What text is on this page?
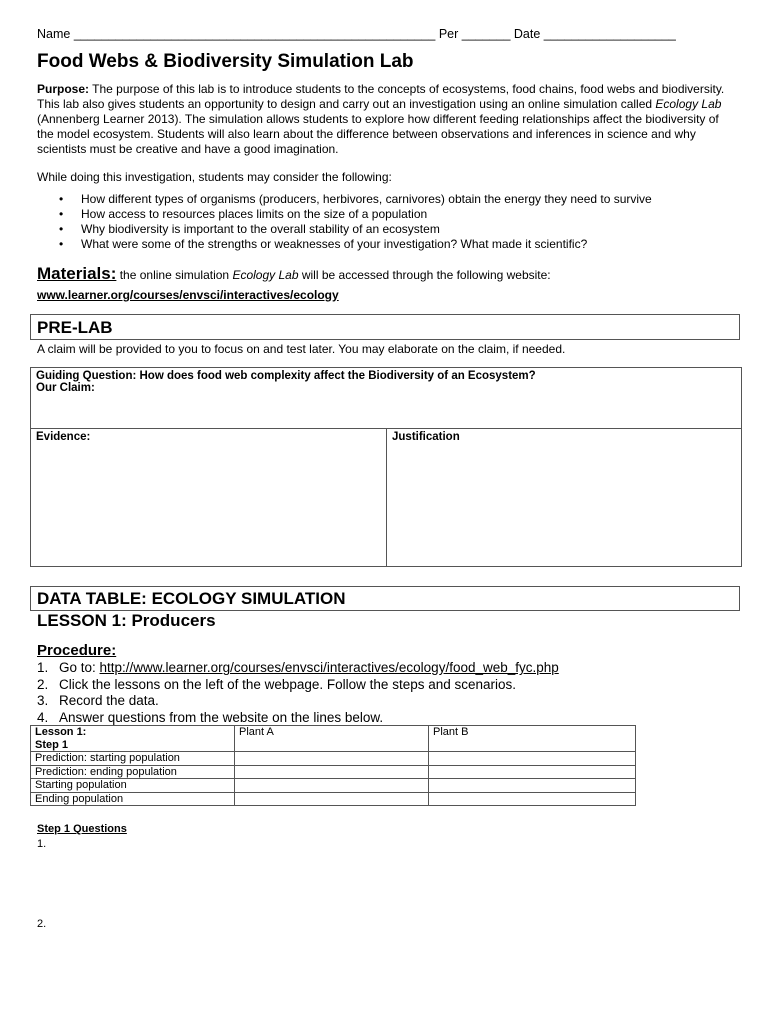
Name ____________________________________________________ Per _______ Date ___________________
Food Webs & Biodiversity Simulation Lab

Purpose: The purpose of this lab is to introduce students to the concepts of ecosystems, food chains, food webs and biodiversity. This lab also gives students an opportunity to design and carry out an investigation using an online simulation called Ecology Lab (Annenberg Learner 2013). The simulation allows students to explore how different feeding relationships affect the biodiversity of the model ecosystem. Students will also learn about the difference between observations and inferences in science and why scientists must be creative and have a good imagination.

While doing this investigation, students may consider the following:

• How different types of organisms (producers, herbivores, carnivores) obtain the energy they need to survive
• How access to resources places limits on the size of a population
• Why biodiversity is important to the overall stability of an ecosystem
• What were some of the strengths or weaknesses of your investigation? What made it scientific?

Materials: the online simulation Ecology Lab will be accessed through the following website:

www.learner.org/courses/envsci/interactives/ecology
PRE-LAB

A claim will be provided to you to focus on and test later. You may elaborate on the claim, if needed.

Guiding Question: How does food web complexity affect the Biodiversity of an Ecosystem?
Our Claim:

Evidence:	Justification
DATA TABLE: ECOLOGY SIMULATION

LESSON 1: Producers

Procedure:

1. Go to: http://www.learner.org/courses/envsci/interactives/ecology/food_web_fyc.php
2. Click the lessons on the left of the webpage. Follow the steps and scenarios.
3. Record the data.
4. Answer questions from the website on the lines below.
Lesson 1:
Step 1	Plant A	Plant B
Prediction: starting population		
Prediction: ending population		
Starting population		
Ending population		

Step 1 Questions

1.

2.
